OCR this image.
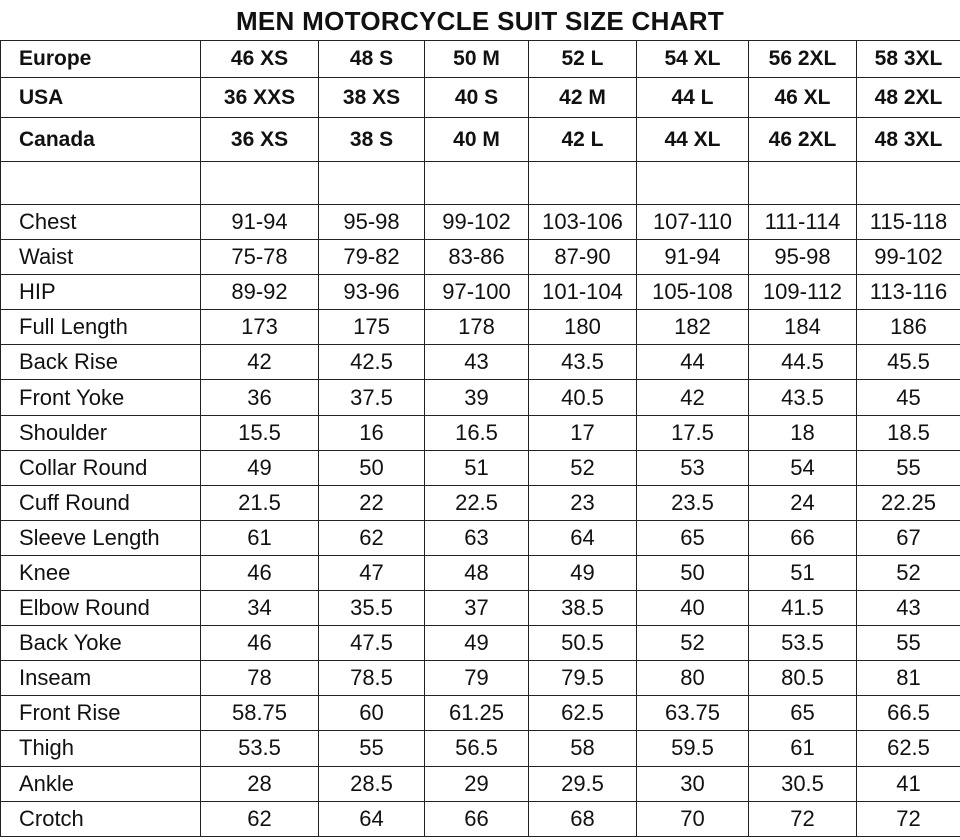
MEN MOTORCYCLE SUIT SIZE CHART
Europe	46 XS	48 S	50 M	52 L	54 XL	56 2XL	58 3XL
USA	36 XXS	38 XS	40 S	42 M	44 L	46 XL	48 2XL
Canada	36 XS	38 S	40 M	42 L	44 XL	46 2XL	48 3XL

Chest	91-94	95-98	99-102	103-106	107-110	111-114	115-118
Waist	75-78	79-82	83-86	87-90	91-94	95-98	99-102
HIP	89-92	93-96	97-100	101-104	105-108	109-112	113-116
Full Length	173	175	178	180	182	184	186
Back Rise	42	42.5	43	43.5	44	44.5	45.5
Front Yoke	36	37.5	39	40.5	42	43.5	45
Shoulder	15.5	16	16.5	17	17.5	18	18.5
Collar Round	49	50	51	52	53	54	55
Cuff Round	21.5	22	22.5	23	23.5	24	22.25
Sleeve Length	61	62	63	64	65	66	67
Knee	46	47	48	49	50	51	52
Elbow Round	34	35.5	37	38.5	40	41.5	43
Back Yoke	46	47.5	49	50.5	52	53.5	55
Inseam	78	78.5	79	79.5	80	80.5	81
Front Rise	58.75	60	61.25	62.5	63.75	65	66.5
Thigh	53.5	55	56.5	58	59.5	61	62.5
Ankle	28	28.5	29	29.5	30	30.5	41
Crotch	62	64	66	68	70	72	72
